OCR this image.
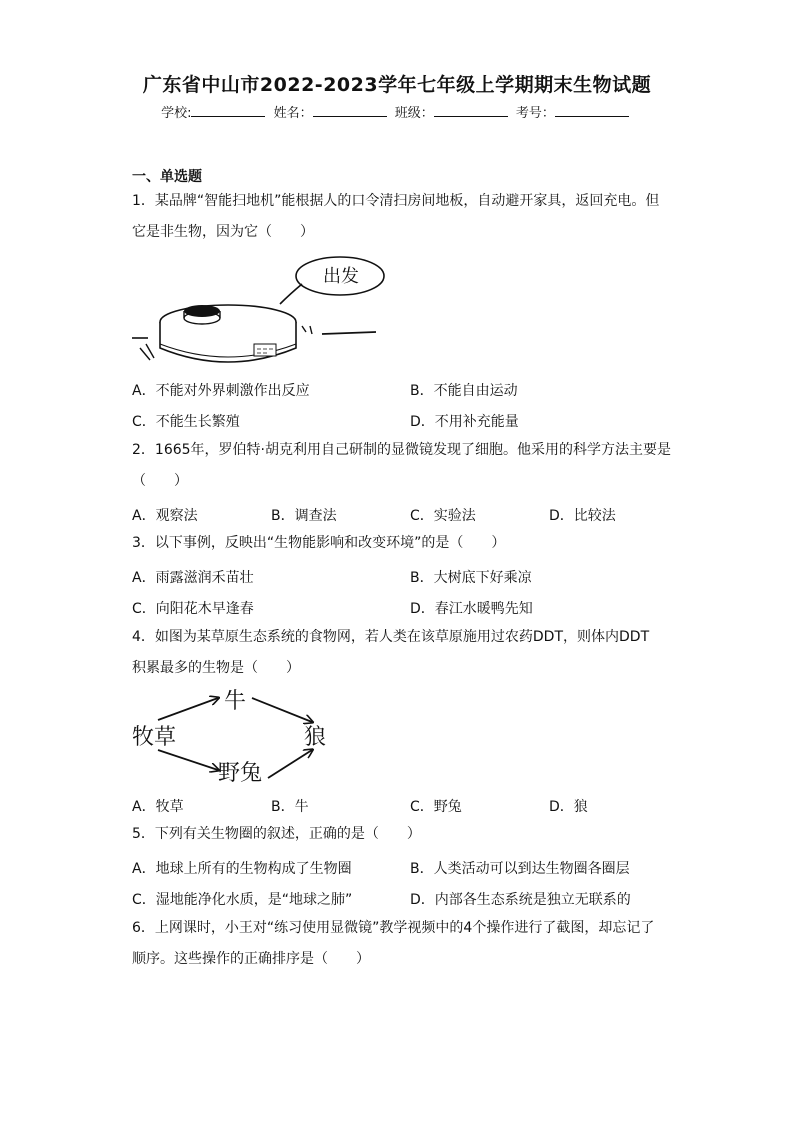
广东省中山市2022-2023学年七年级上学期期末生物试题
学校:	姓名：	班级：	考号：
一、单选题
1．某品牌“智能扫地机”能根据人的口令清扫房间地板，自动避开家具，返回充电。但
它是非生物，因为它（　　）
出发
A．不能对外界刺激作出反应	B．不能自由运动
C．不能生长繁殖	D．不用补充能量
2．1665年，罗伯特·胡克利用自己研制的显微镜发现了细胞。他采用的科学方法主要是
（　　）
A．观察法	B．调查法	C．实验法	D．比较法
3．以下事例，反映出“生物能影响和改变环境”的是（　　）
A．雨露滋润禾苗壮	B．大树底下好乘凉
C．向阳花木早逢春	D．春江水暖鸭先知
4．如图为某草原生态系统的食物网，若人类在该草原施用过农药DDT，则体内DDT
积累最多的生物是（　　）
牧草
牛
野兔
狼
A．牧草	B．牛	C．野兔	D．狼
5．下列有关生物圈的叙述，正确的是（　　）
A．地球上所有的生物构成了生物圈	B．人类活动可以到达生物圈各圈层
C．湿地能净化水质，是“地球之肺”	D．内部各生态系统是独立无联系的
6．上网课时，小王对“练习使用显微镜”教学视频中的4个操作进行了截图，却忘记了
顺序。这些操作的正确排序是（　　）
